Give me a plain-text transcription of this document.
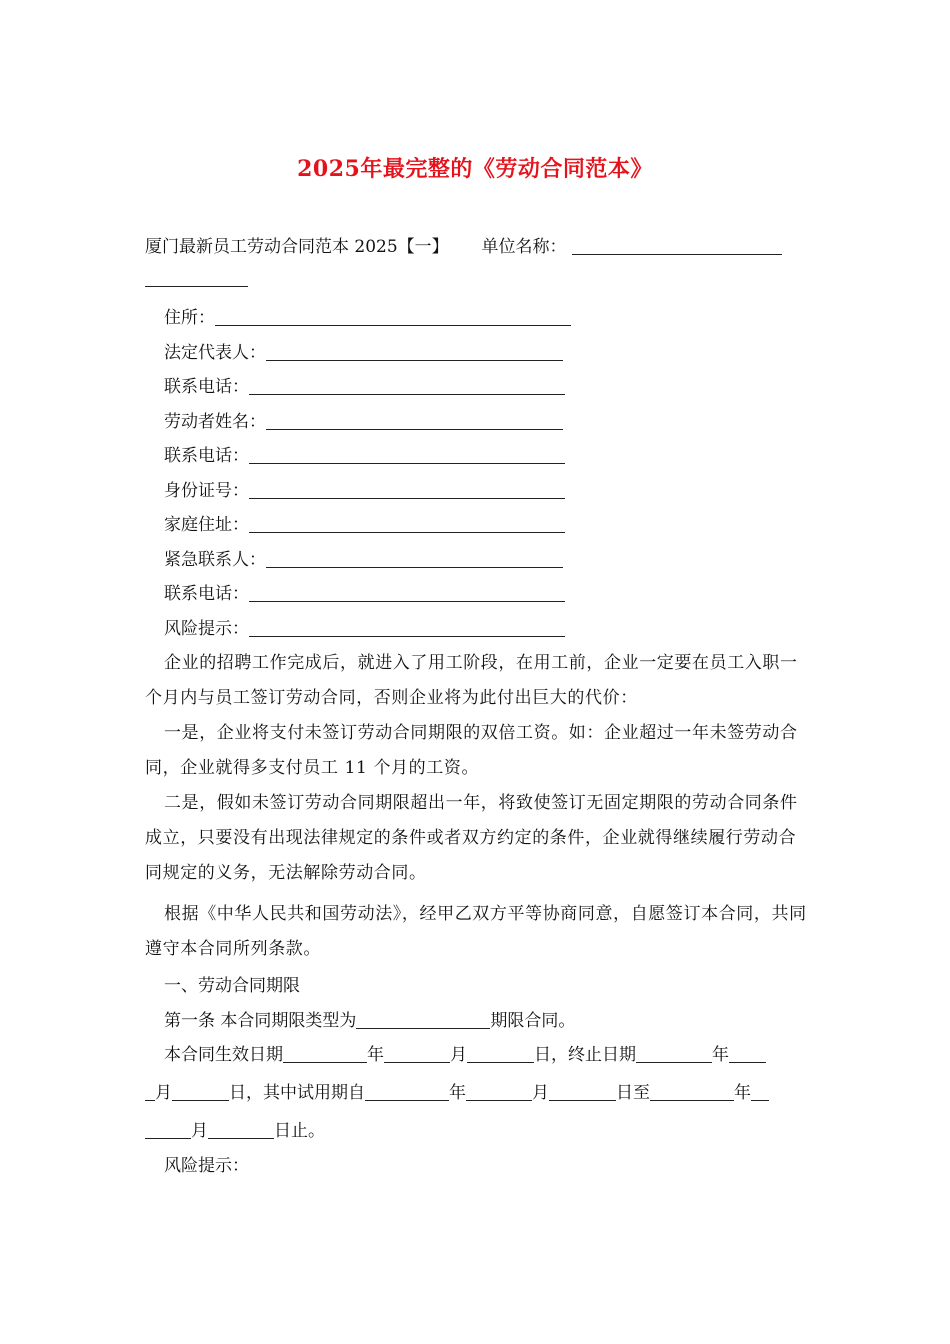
2025年最完整的《劳动合同范本》
厦门最新员工劳动合同范本 2025【一】 单位名称：
住所：
法定代表人：
联系电话：
劳动者姓名：
联系电话：
身份证号：
家庭住址：
紧急联系人：
联系电话：
风险提示：
企业的招聘工作完成后，就进入了用工阶段，在用工前，企业一定要在员工入职一个月内与员工签订劳动合同，否则企业将为此付出巨大的代价：
一是，企业将支付未签订劳动合同期限的双倍工资。如：企业超过一年未签劳动合同，企业就得多支付员工 11 个月的工资。
二是，假如未签订劳动合同期限超出一年，将致使签订无固定期限的劳动合同条件成立，只要没有出现法律规定的条件或者双方约定的条件，企业就得继续履行劳动合同规定的义务，无法解除劳动合同。
根据《中华人民共和国劳动法》，经甲乙双方平等协商同意，自愿签订本合同，共同遵守本合同所列条款。
一、劳动合同期限
第一条 本合同期限类型为	期限合同。
本合同生效日期	年	月	日，终止日期	年
月	日，其中试用期自	年	月	日至	年
月	日止。
风险提示：
